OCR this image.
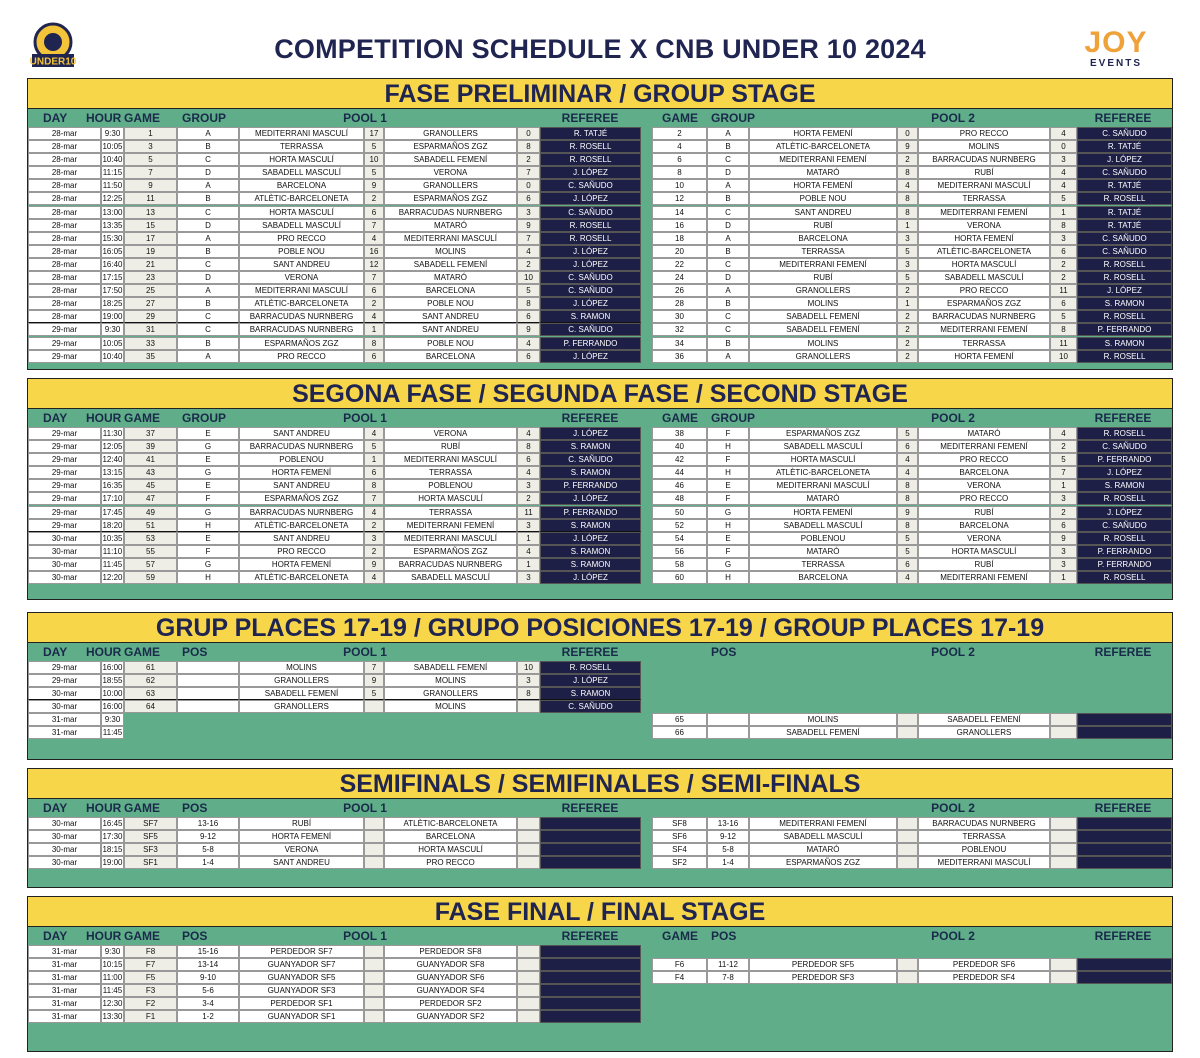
UNDER10	COMPETITION SCHEDULE X CNB UNDER 10 2024	JOY
EVENTS
FASE PRELIMINAR / GROUP STAGE
DAY HOUR GAME GROUP	POOL 1	REFEREE	GAME GROUP	POOL 2	REFEREE
28-mar	9:30	1	A	MEDITERRANI MASCULÍ	17	GRANOLLERS	0	R. TATJÉ	2	A	HORTA FEMENÍ	0	PRO RECCO	4	C. SAÑUDO
28-mar	10:05	3	B	TERRASSA	5	ESPARMAÑOS ZGZ	8	R. ROSELL	4	B	ATLÈTIC-BARCELONETA	9	MOLINS	0	R. TATJÉ
28-mar	10:40	5	C	HORTA MASCULÍ	10	SABADELL FEMENÍ	2	R. ROSELL	6	C	MEDITERRANI FEMENÍ	2	BARRACUDAS NURNBERG	3	J. LÓPEZ
28-mar	11:15	7	D	SABADELL MASCULÍ	5	VERONA	7	J. LÓPEZ	8	D	MATARÓ	8	RUBÍ	4	C. SAÑUDO
28-mar	11:50	9	A	BARCELONA	9	GRANOLLERS	0	C. SAÑUDO	10	A	HORTA FEMENÍ	4	MEDITERRANI MASCULÍ	4	R. TATJÉ
28-mar	12:25	11	B	ATLÈTIC-BARCELONETA	2	ESPARMAÑOS ZGZ	6	J. LÓPEZ	12	B	POBLE NOU	8	TERRASSA	5	R. ROSELL
28-mar	13:00	13	C	HORTA MASCULÍ	6	BARRACUDAS NURNBERG	3	C. SAÑUDO	14	C	SANT ANDREU	8	MEDITERRANI FEMENÍ	1	R. TATJÉ
28-mar	13:35	15	D	SABADELL MASCULÍ	7	MATARÓ	9	R. ROSELL	16	D	RUBÍ	1	VERONA	8	R. TATJÉ
28-mar	15:30	17	A	PRO RECCO	4	MEDITERRANI MASCULÍ	7	R. ROSELL	18	A	BARCELONA	3	HORTA FEMENÍ	3	C. SAÑUDO
28-mar	16:05	19	B	POBLE NOU	16	MOLINS	4	J. LÓPEZ	20	B	TERRASSA	5	ATLÈTIC-BARCELONETA	6	C. SAÑUDO
28-mar	16:40	21	C	SANT ANDREU	12	SABADELL FEMENÍ	2	J. LÓPEZ	22	C	MEDITERRANI FEMENÍ	3	HORTA MASCULÍ	2	R. ROSELL
28-mar	17:15	23	D	VERONA	7	MATARÓ	10	C. SAÑUDO	24	D	RUBÍ	5	SABADELL MASCULÍ	2	R. ROSELL
28-mar	17:50	25	A	MEDITERRANI MASCULÍ	6	BARCELONA	5	C. SAÑUDO	26	A	GRANOLLERS	2	PRO RECCO	11	J. LÓPEZ
28-mar	18:25	27	B	ATLÈTIC-BARCELONETA	2	POBLE NOU	8	J. LÓPEZ	28	B	MOLINS	1	ESPARMAÑOS ZGZ	6	S. RAMON
28-mar	19:00	29	C	BARRACUDAS NURNBERG	4	SANT ANDREU	6	S. RAMON	30	C	SABADELL FEMENÍ	2	BARRACUDAS NURNBERG	5	R. ROSELL
29-mar	9:30	31	C	BARRACUDAS NURNBERG	1	SANT ANDREU	9	C. SAÑUDO	32	C	SABADELL FEMENÍ	2	MEDITERRANI FEMENÍ	8	P. FERRANDO
29-mar	10:05	33	B	ESPARMAÑOS ZGZ	8	POBLE NOU	4	P. FERRANDO	34	B	MOLINS	2	TERRASSA	11	S. RAMON
29-mar	10:40	35	A	PRO RECCO	6	BARCELONA	6	J. LÓPEZ	36	A	GRANOLLERS	2	HORTA FEMENÍ	10	R. ROSELL
SEGONA FASE / SEGUNDA FASE / SECOND STAGE
DAY HOUR GAME GROUP	POOL 1	REFEREE	GAME GROUP	POOL 2	REFEREE
29-mar	11:30	37	E	SANT ANDREU	4	VERONA	4	J. LÓPEZ	38	F	ESPARMAÑOS ZGZ	5	MATARÓ	4	R. ROSELL
29-mar	12:05	39	G	BARRACUDAS NURNBERG	5	RUBÍ	8	S. RAMON	40	H	SABADELL MASCULÍ	6	MEDITERRANI FEMENÍ	2	C. SAÑUDO
29-mar	12:40	41	E	POBLENOU	1	MEDITERRANI MASCULÍ	6	C. SAÑUDO	42	F	HORTA MASCULÍ	4	PRO RECCO	5	P. FERRANDO
29-mar	13:15	43	G	HORTA FEMENÍ	6	TERRASSA	4	S. RAMON	44	H	ATLÈTIC-BARCELONETA	4	BARCELONA	7	J. LÓPEZ
29-mar	16:35	45	E	SANT ANDREU	8	POBLENOU	3	P. FERRANDO	46	E	MEDITERRANI MASCULÍ	8	VERONA	1	S. RAMON
29-mar	17:10	47	F	ESPARMAÑOS ZGZ	7	HORTA MASCULÍ	2	J. LÓPEZ	48	F	MATARÓ	8	PRO RECCO	3	R. ROSELL
29-mar	17:45	49	G	BARRACUDAS NURNBERG	4	TERRASSA	11	P. FERRANDO	50	G	HORTA FEMENÍ	9	RUBÍ	2	J. LÓPEZ
29-mar	18:20	51	H	ATLÈTIC-BARCELONETA	2	MEDITERRANI FEMENÍ	3	S. RAMON	52	H	SABADELL MASCULÍ	8	BARCELONA	6	C. SAÑUDO
30-mar	10:35	53	E	SANT ANDREU	3	MEDITERRANI MASCULÍ	1	J. LÓPEZ	54	E	POBLENOU	5	VERONA	9	R. ROSELL
30-mar	11:10	55	F	PRO RECCO	2	ESPARMAÑOS ZGZ	4	S. RAMON	56	F	MATARÓ	5	HORTA MASCULÍ	3	P. FERRANDO
30-mar	11:45	57	G	HORTA FEMENÍ	9	BARRACUDAS NURNBERG	1	S. RAMON	58	G	TERRASSA	6	RUBÍ	3	P. FERRANDO
30-mar	12:20	59	H	ATLÈTIC-BARCELONETA	4	SABADELL MASCULÍ	3	J. LÓPEZ	60	H	BARCELONA	4	MEDITERRANI FEMENÍ	1	R. ROSELL
GRUP PLACES 17-19 / GRUPO POSICIONES 17-19 / GROUP PLACES 17-19
DAY HOUR GAME POS	POOL 1	REFEREE	POS	POOL 2	REFEREE
29-mar	16:00	61	MOLINS	7	SABADELL FEMENÍ	10	R. ROSELL
29-mar	18:55	62	GRANOLLERS	9	MOLINS	3	J. LÓPEZ
30-mar	10:00	63	SABADELL FEMENÍ	5	GRANOLLERS	8	S. RAMON
30-mar	16:00	64	GRANOLLERS	MOLINS	C. SAÑUDO
31-mar	9:30	65	MOLINS	SABADELL FEMENÍ
31-mar	11:45	66	SABADELL FEMENÍ	GRANOLLERS
SEMIFINALS / SEMIFINALES / SEMI-FINALS
DAY HOUR GAME POS	POOL 1	REFEREE	POOL 2	REFEREE
30-mar	16:45	SF7	13-16	RUBÍ	ATLÈTIC-BARCELONETA	SF8	13-16	MEDITERRANI FEMENÍ	BARRACUDAS NURNBERG
30-mar	17:30	SF5	9-12	HORTA FEMENÍ	BARCELONA	SF6	9-12	SABADELL MASCULÍ	TERRASSA
30-mar	18:15	SF3	5-8	VERONA	HORTA MASCULÍ	SF4	5-8	MATARÓ	POBLENOU
30-mar	19:00	SF1	1-4	SANT ANDREU	PRO RECCO	SF2	1-4	ESPARMAÑOS ZGZ	MEDITERRANI MASCULÍ
FASE FINAL / FINAL STAGE
DAY HOUR GAME POS	POOL 1	REFEREE	GAME POS	POOL 2	REFEREE
31-mar	9:30	F8	15-16	PERDEDOR SF7	PERDEDOR SF8
31-mar	10:15	F7	13-14	GUANYADOR SF7	GUANYADOR SF8	F6	11-12	PERDEDOR SF5	PERDEDOR SF6
31-mar	11:00	F5	9-10	GUANYADOR SF5	GUANYADOR SF6	F4	7-8	PERDEDOR SF3	PERDEDOR SF4
31-mar	11:45	F3	5-6	GUANYADOR SF3	GUANYADOR SF4
31-mar	12:30	F2	3-4	PERDEDOR SF1	PERDEDOR SF2
31-mar	13:30	F1	1-2	GUANYADOR SF1	GUANYADOR SF2
